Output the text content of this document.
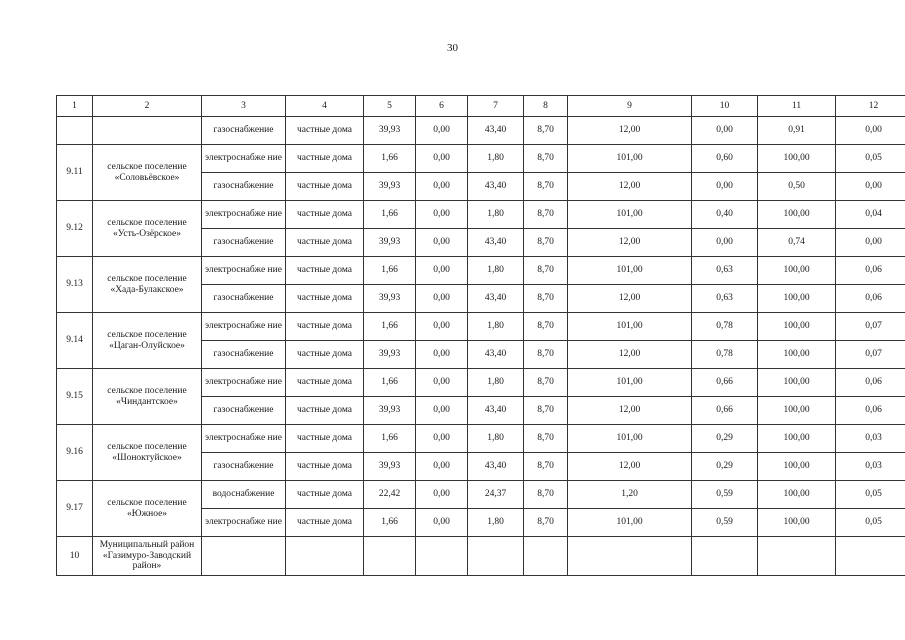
30
1	2	3	4	5	6	7	8	9	10	11	12
		газоснабжение	частные дома	39,93	0,00	43,40	8,70	12,00	0,00	0,91	0,00
9.11	сельское поселение «Соловьёвское»	электроснабже ние	частные дома	1,66	0,00	1,80	8,70	101,00	0,60	100,00	0,05
		газоснабжение	частные дома	39,93	0,00	43,40	8,70	12,00	0,00	0,50	0,00
9.12	сельское поселение «Усть-Озёрское»	электроснабже ние	частные дома	1,66	0,00	1,80	8,70	101,00	0,40	100,00	0,04
		газоснабжение	частные дома	39,93	0,00	43,40	8,70	12,00	0,00	0,74	0,00
9.13	сельское поселение «Хада-Булакское»	электроснабже ние	частные дома	1,66	0,00	1,80	8,70	101,00	0,63	100,00	0,06
		газоснабжение	частные дома	39,93	0,00	43,40	8,70	12,00	0,63	100,00	0,06
9.14	сельское поселение «Цаган-Олуйское»	электроснабже ние	частные дома	1,66	0,00	1,80	8,70	101,00	0,78	100,00	0,07
		газоснабжение	частные дома	39,93	0,00	43,40	8,70	12,00	0,78	100,00	0,07
9.15	сельское поселение «Чиндантское»	электроснабже ние	частные дома	1,66	0,00	1,80	8,70	101,00	0,66	100,00	0,06
		газоснабжение	частные дома	39,93	0,00	43,40	8,70	12,00	0,66	100,00	0,06
9.16	сельское поселение «Шоноктуйское»	электроснабже ние	частные дома	1,66	0,00	1,80	8,70	101,00	0,29	100,00	0,03
		газоснабжение	частные дома	39,93	0,00	43,40	8,70	12,00	0,29	100,00	0,03
9.17	сельское поселение «Южное»	водоснабжение	частные дома	22,42	0,00	24,37	8,70	1,20	0,59	100,00	0,05
		электроснабже ние	частные дома	1,66	0,00	1,80	8,70	101,00	0,59	100,00	0,05
10	Муниципальный район «Газимуро-Заводский район»										
